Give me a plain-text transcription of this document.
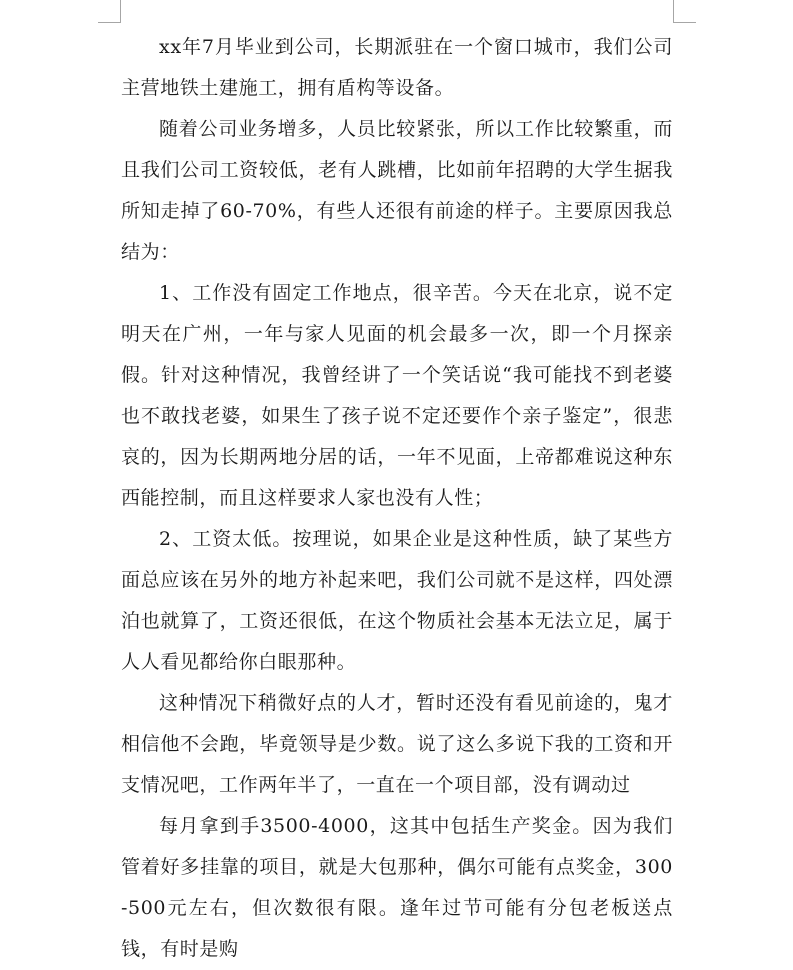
xx年7月毕业到公司，长期派驻在一个窗口城市，我们公司主营地铁土建施工，拥有盾构等设备。

随着公司业务增多，人员比较紧张，所以工作比较繁重，而且我们公司工资较低，老有人跳槽，比如前年招聘的大学生据我所知走掉了60-70%，有些人还很有前途的样子。主要原因我总结为：

1、工作没有固定工作地点，很辛苦。今天在北京，说不定明天在广州，一年与家人见面的机会最多一次，即一个月探亲假。针对这种情况，我曾经讲了一个笑话说“我可能找不到老婆也不敢找老婆，如果生了孩子说不定还要作个亲子鉴定”，很悲哀的，因为长期两地分居的话，一年不见面，上帝都难说这种东西能控制，而且这样要求人家也没有人性；

2、工资太低。按理说，如果企业是这种性质，缺了某些方面总应该在另外的地方补起来吧，我们公司就不是这样，四处漂泊也就算了，工资还很低，在这个物质社会基本无法立足，属于人人看见都给你白眼那种。

这种情况下稍微好点的人才，暂时还没有看见前途的，鬼才相信他不会跑，毕竟领导是少数。说了这么多说下我的工资和开支情况吧，工作两年半了，一直在一个项目部，没有调动过

每月拿到手3500-4000，这其中包括生产奖金。因为我们管着好多挂靠的项目，就是大包那种，偶尔可能有点奖金，300-500元左右，但次数很有限。逢年过节可能有分包老板送点钱，有时是购
